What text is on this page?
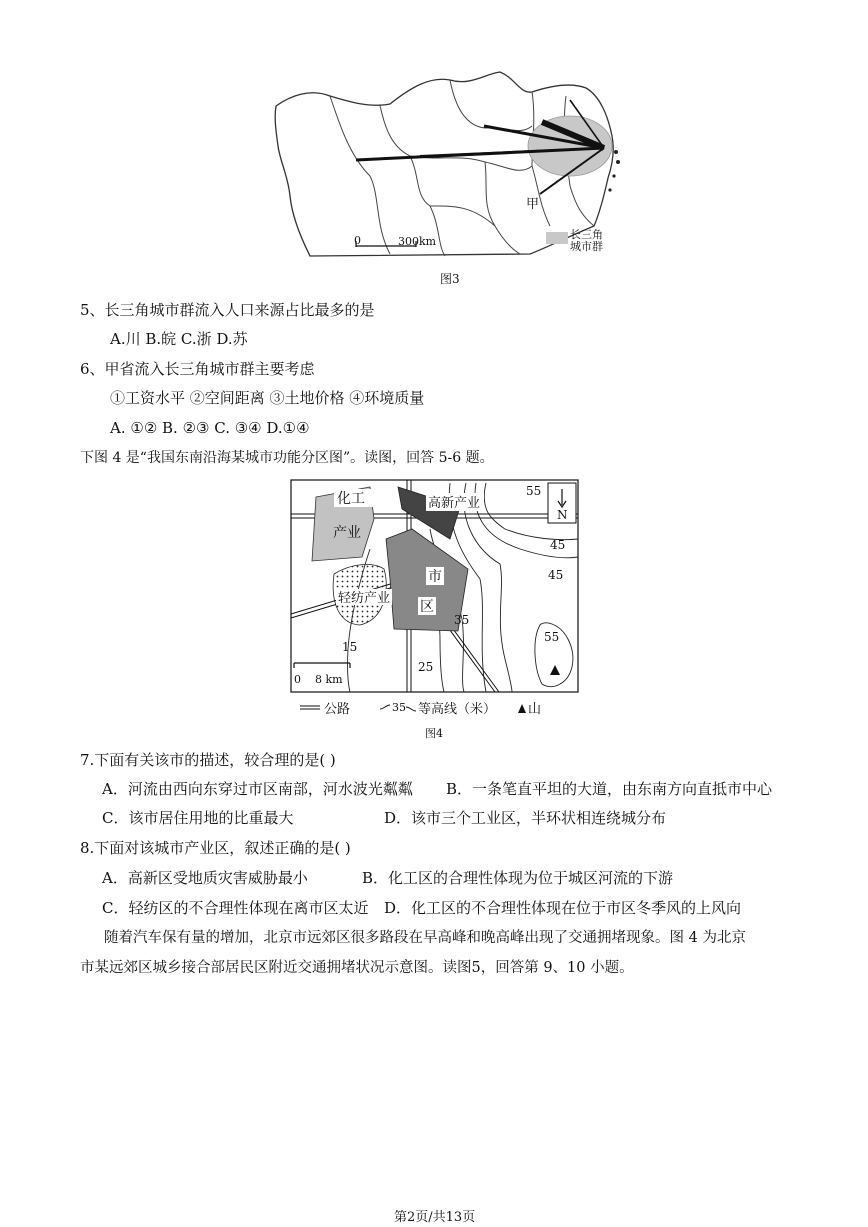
甲
0	300km
长三角
城市群
图3
5、长三角城市群流入人口来源占比最多的是
A.川 B.皖 C.浙 D.苏
6、甲省流入长三角城市群主要考虑
①工资水平 ②空间距离 ③土地价格 ④环境质量
A. ①② B. ②③ C. ③④ D.①④
下图 4 是“我国东南沿海某城市功能分区图”。读图，回答 5-6 题。
化工
产业
高新产业
市
区
轻纺产业
55
45
45
35
55
15
25
N
0    8 km
公路	35 等高线（米） 山
图4
7.下面有关该市的描述，较合理的是( )
A．河流由西向东穿过市区南部，河水波光粼粼 B．一条笔直平坦的大道，由东南方向直抵市中心
C．该市居住用地的比重最大	D．该市三个工业区，半环状相连绕城分布
8.下面对该城市产业区，叙述正确的是( )
A．高新区受地质灾害威胁最小	B．化工区的合理性体现为位于城区河流的下游
C．轻纺区的不合理性体现在离市区太近 D．化工区的不合理性体现在位于市区冬季风的上风向
随着汽车保有量的增加，北京市远郊区很多路段在早高峰和晚高峰出现了交通拥堵现象。图 4 为北京
市某远郊区城乡接合部居民区附近交通拥堵状况示意图。读图5，回答第 9、10 小题。
第2页/共13页
